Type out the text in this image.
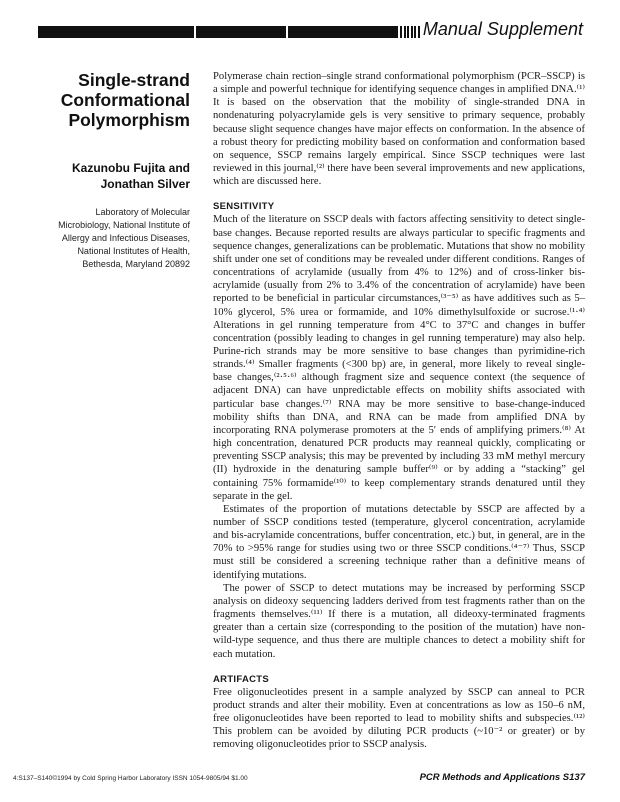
Manual Supplement
Single-strand
Conformational
Polymorphism
Kazunobu Fujita and
Jonathan Silver
Laboratory of Molecular
Microbiology, National Institute of
Allergy and Infectious Diseases,
National Institutes of Health,
Bethesda, Maryland 20892

Polymerase chain rection–single strand conformational polymorphism (PCR–SSCP) is a simple and powerful technique for identifying sequence changes in amplified DNA.⁽¹⁾ It is based on the observation that the mobility of single-stranded DNA in nondenaturing polyacrylamide gels is very sensitive to primary sequence, probably because slight sequence changes have major effects on conformation. In the absence of a robust theory for predicting mobility based on conformation and conformation based on sequence, SSCP remains largely empirical. Since SSCP techniques were last reviewed in this journal,⁽²⁾ there have been several improvements and new applications, which are discussed here.

SENSITIVITY

Much of the literature on SSCP deals with factors affecting sensitivity to detect single-base changes. Because reported results are always particular to specific fragments and sequence changes, generalizations can be problematic. Mutations that show no mobility shift under one set of conditions may be revealed under different conditions. Ranges of concentrations of acrylamide (usually from 4% to 12%) and of cross-linker bis-acrylamide (usually from 2% to 3.4% of the concentration of acrylamide) have been reported to be beneficial in particular circumstances,⁽³⁻⁵⁾ as have additives such as 5–10% glycerol, 5% urea or formamide, and 10% dimethylsulfoxide or sucrose.⁽¹·⁴⁾ Alterations in gel running temperature from 4°C to 37°C and changes in buffer concentration (possibly leading to changes in gel running temperature) may also help. Purine-rich strands may be more sensitive to base changes than pyrimidine-rich strands.⁽⁴⁾ Smaller fragments (<300 bp) are, in general, more likely to reveal single-base changes,⁽²·⁵·⁶⁾ although fragment size and sequence context (the sequence of adjacent DNA) can have unpredictable effects on mobility shifts associated with particular base changes.⁽⁷⁾ RNA may be more sensitive to base-change-induced mobility shifts than DNA, and RNA can be made from amplified DNA by incorporating RNA polymerase promoters at the 5′ ends of amplifying primers.⁽⁸⁾ At high concentration, denatured PCR products may reanneal quickly, complicating or preventing SSCP analysis; this may be prevented by including 33 mM methyl mercury (II) hydroxide in the denaturing sample buffer⁽⁹⁾ or by adding a “stacking” gel containing 75% formamide⁽¹⁰⁾ to keep complementary strands denatured until they separate in the gel.

Estimates of the proportion of mutations detectable by SSCP are affected by a number of SSCP conditions tested (temperature, glycerol concentration, acrylamide and bis-acrylamide concentrations, buffer concentration, etc.) but, in general, are in the 70% to >95% range for studies using two or three SSCP conditions.⁽⁴⁻⁷⁾ Thus, SSCP must still be considered a screening technique rather than a definitive means of identifying mutations.

The power of SSCP to detect mutations may be increased by performing SSCP analysis on dideoxy sequencing ladders derived from test fragments rather than on the fragments themselves.⁽¹¹⁾ If there is a mutation, all dideoxy-terminated fragments greater than a certain size (corresponding to the position of the mutation) have non-wild-type sequence, and thus there are multiple chances to detect a mobility shift for each mutation.

ARTIFACTS

Free oligonucleotides present in a sample analyzed by SSCP can anneal to PCR product strands and alter their mobility. Even at concentrations as low as 150–6 nM, free oligonucleotides have been reported to lead to mobility shifts and subspecies.⁽¹²⁾ This problem can be avoided by diluting PCR products (~10⁻² or greater) or by removing oligonucleotides prior to SSCP analysis.

4:S137–S140©1994 by Cold Spring Harbor Laboratory ISSN 1054-9805/94 $1.00	PCR Methods and Applications S137
